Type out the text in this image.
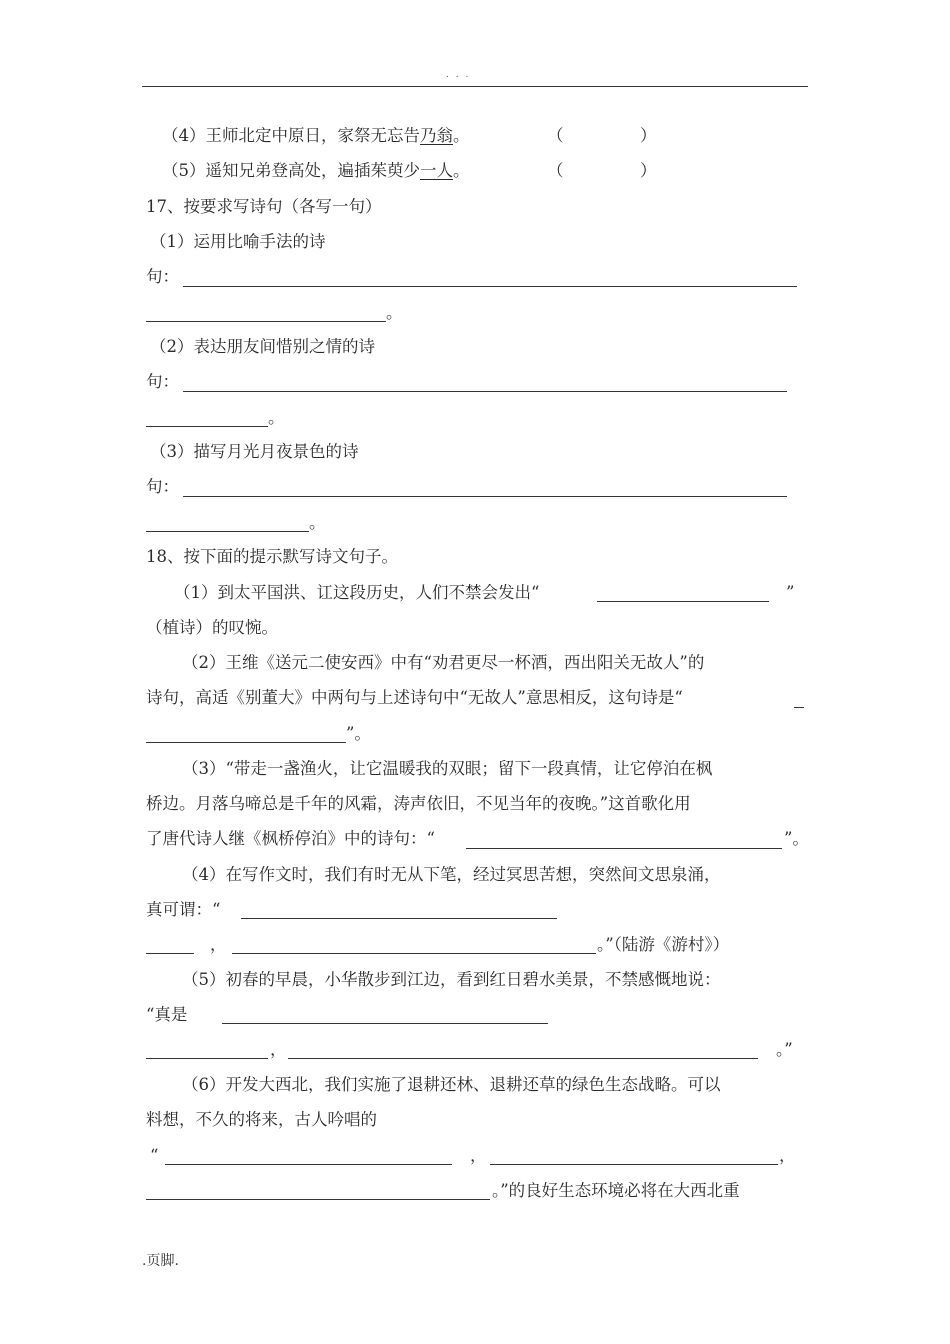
. . .
（4）王师北定中原日，家祭无忘告乃翁。	（	）
（5）遥知兄弟登高处，遍插茱萸少一人。	（	）
17、按要求写诗句（各写一句）
（1）运用比喻手法的诗
句：
。
（2）表达朋友间惜别之情的诗
句：
。
（3）描写月光月夜景色的诗
句：
。
18、按下面的提示默写诗文句子。
（1）到太平国洪、讧这段历史，人们不禁会发出“	”
（植诗）的叹惋。
（2）王维《送元二使安西》中有“劝君更尽一杯酒，西出阳关无故人”的
诗句，高适《别董大》中两句与上述诗句中“无故人”意思相反，这句诗是“
”。
（3）“带走一盏渔火，让它温暖我的双眼；留下一段真情，让它停泊在枫
桥边。月落乌啼总是千年的风霜，涛声依旧，不见当年的夜晚。”这首歌化用
了唐代诗人继《枫桥停泊》中的诗句：“	”。
（4）在写作文时，我们有时无从下笔，经过冥思苦想，突然间文思泉涌，
真可谓：“
，	。”（陆游《游村》）
（5）初春的早晨，小华散步到江边，看到红日碧水美景，不禁感慨地说：
“真是
，	。”
（6）开发大西北，我们实施了退耕还林、退耕还草的绿色生态战略。可以
料想，不久的将来，古人吟唱的
“	，	，
。”的良好生态环境必将在大西北重
.页脚.
